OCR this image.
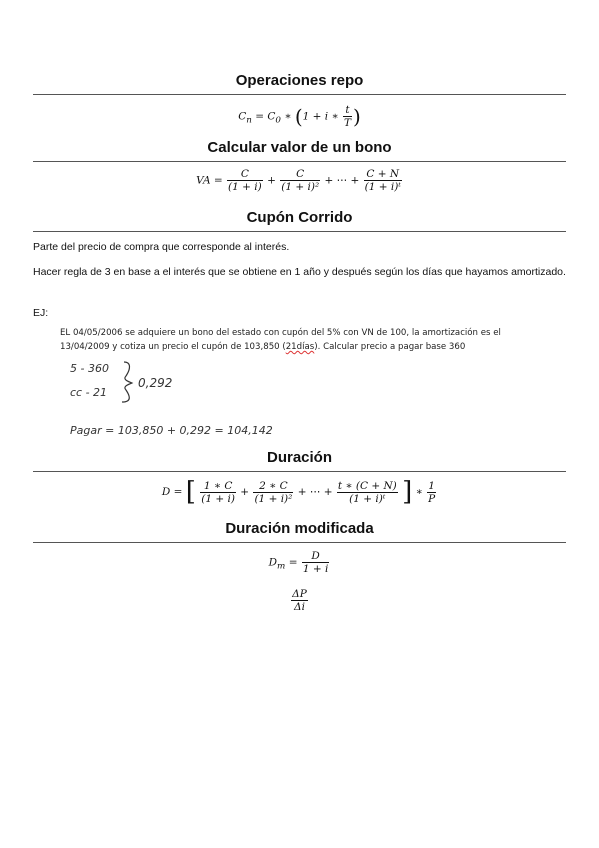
Operaciones repo
$C_n = C_0$ ∗ (1 + i ∗ $\frac{t}{T}$ )
Calcular valor de un bono
VA = $\frac{C}{(1 + i)} + \frac{C}{\text{(1 + i)²}}$ + ⋯ + $\frac{C + N}{\text{(1 + i)ᵗ}}$
Cupón Corrido
Parte del precio de compra que corresponde al interés.
Hacer regla de 3 en base a el interés que se obtiene en 1 año y después según los días que hayamos amortizado.
EJ:
EL 04/05/2006 se adquiere un bono del estado con cupón del 5% con VN de 100, la amortización es el
13/04/2009 y cotiza un precio el cupón de 103,850 (21días). Calcular precio a pagar base 360
5 - 360
cc - 21
0,292
Pagar = 103,850 + 0,292 = 104,142
Duración
D = [ $\frac{1 ∗ C}{(1 + i)} + \frac{2 ∗ C}{\text{(1 + i)²}}$ + ⋯ + $\frac{t ∗ (C + N)}{\text{(1 + i)ᵗ}}$ ] ∗ $\frac{1}{P}$
Duración modificada
$D_m = \frac{D}{1 + i}$
$\frac{\Delta P}{\Delta i}$
